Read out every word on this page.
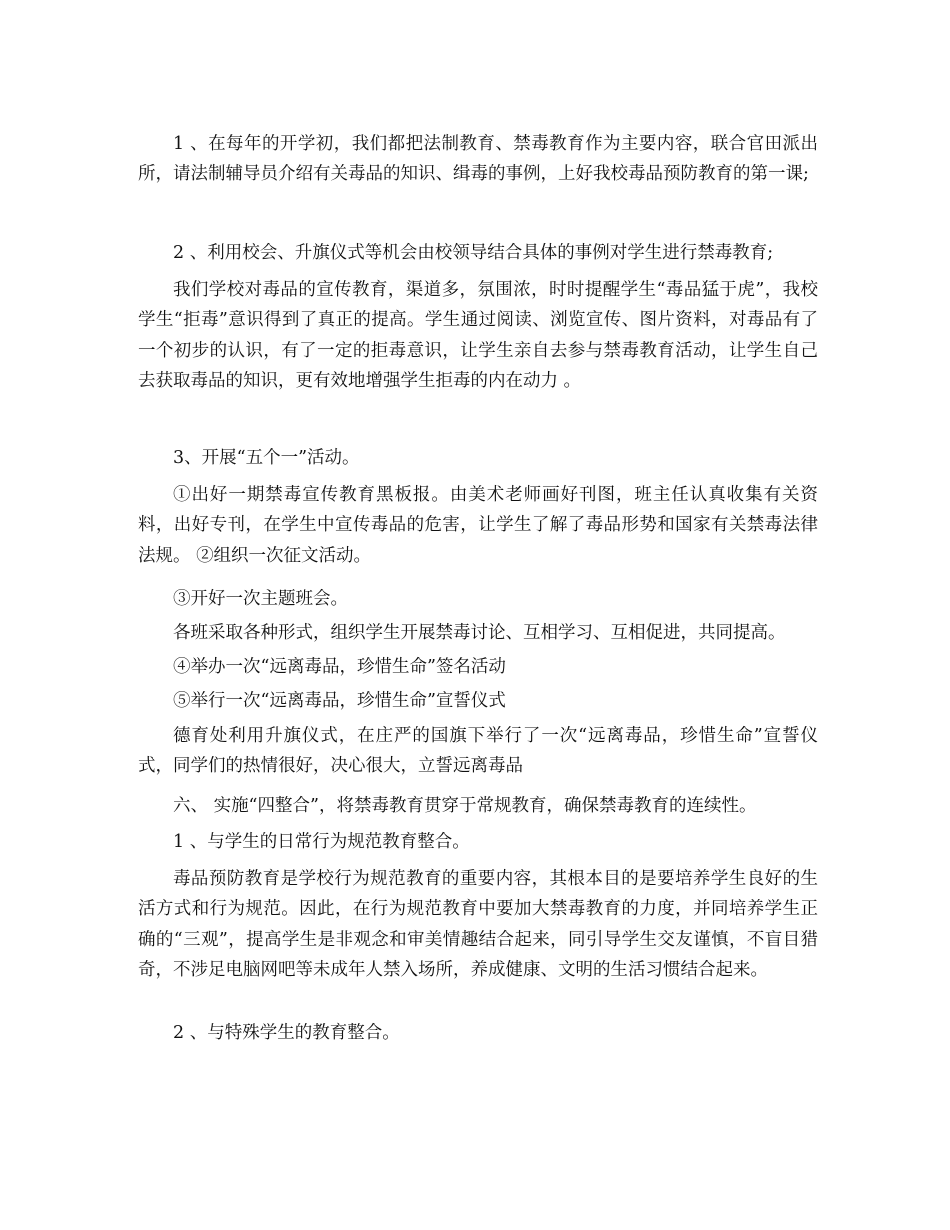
1 、在每年的开学初，我们都把法制教育、禁毒教育作为主要内容，联合官田派出所，请法制辅导员介绍有关毒品的知识、缉毒的事例，上好我校毒品预防教育的第一课;

2 、利用校会、升旗仪式等机会由校领导结合具体的事例对学生进行禁毒教育;

我们学校对毒品的宣传教育，渠道多，氛围浓，时时提醒学生“毒品猛于虎”，我校学生“拒毒”意识得到了真正的提高。学生通过阅读、浏览宣传、图片资料，对毒品有了一个初步的认识，有了一定的拒毒意识，让学生亲自去参与禁毒教育活动，让学生自己去获取毒品的知识，更有效地增强学生拒毒的内在动力 。

3、开展“五个一”活动。

①出好一期禁毒宣传教育黑板报。由美术老师画好刊图，班主任认真收集有关资料，出好专刊，在学生中宣传毒品的危害，让学生了解了毒品形势和国家有关禁毒法律法规。 ②组织一次征文活动。

③开好一次主题班会。

各班采取各种形式，组织学生开展禁毒讨论、互相学习、互相促进，共同提高。

④举办一次“远离毒品，珍惜生命”签名活动

⑤举行一次“远离毒品，珍惜生命”宣誓仪式

德育处利用升旗仪式，在庄严的国旗下举行了一次“远离毒品，珍惜生命”宣誓仪式，同学们的热情很好，决心很大，立誓远离毒品

六、 实施“四整合”，将禁毒教育贯穿于常规教育，确保禁毒教育的连续性。

1 、与学生的日常行为规范教育整合。

毒品预防教育是学校行为规范教育的重要内容，其根本目的是要培养学生良好的生活方式和行为规范。因此，在行为规范教育中要加大禁毒教育的力度，并同培养学生正确的“三观”，提高学生是非观念和审美情趣结合起来，同引导学生交友谨慎，不盲目猎奇，不涉足电脑网吧等未成年人禁入场所，养成健康、文明的生活习惯结合起来。

2 、与特殊学生的教育整合。
